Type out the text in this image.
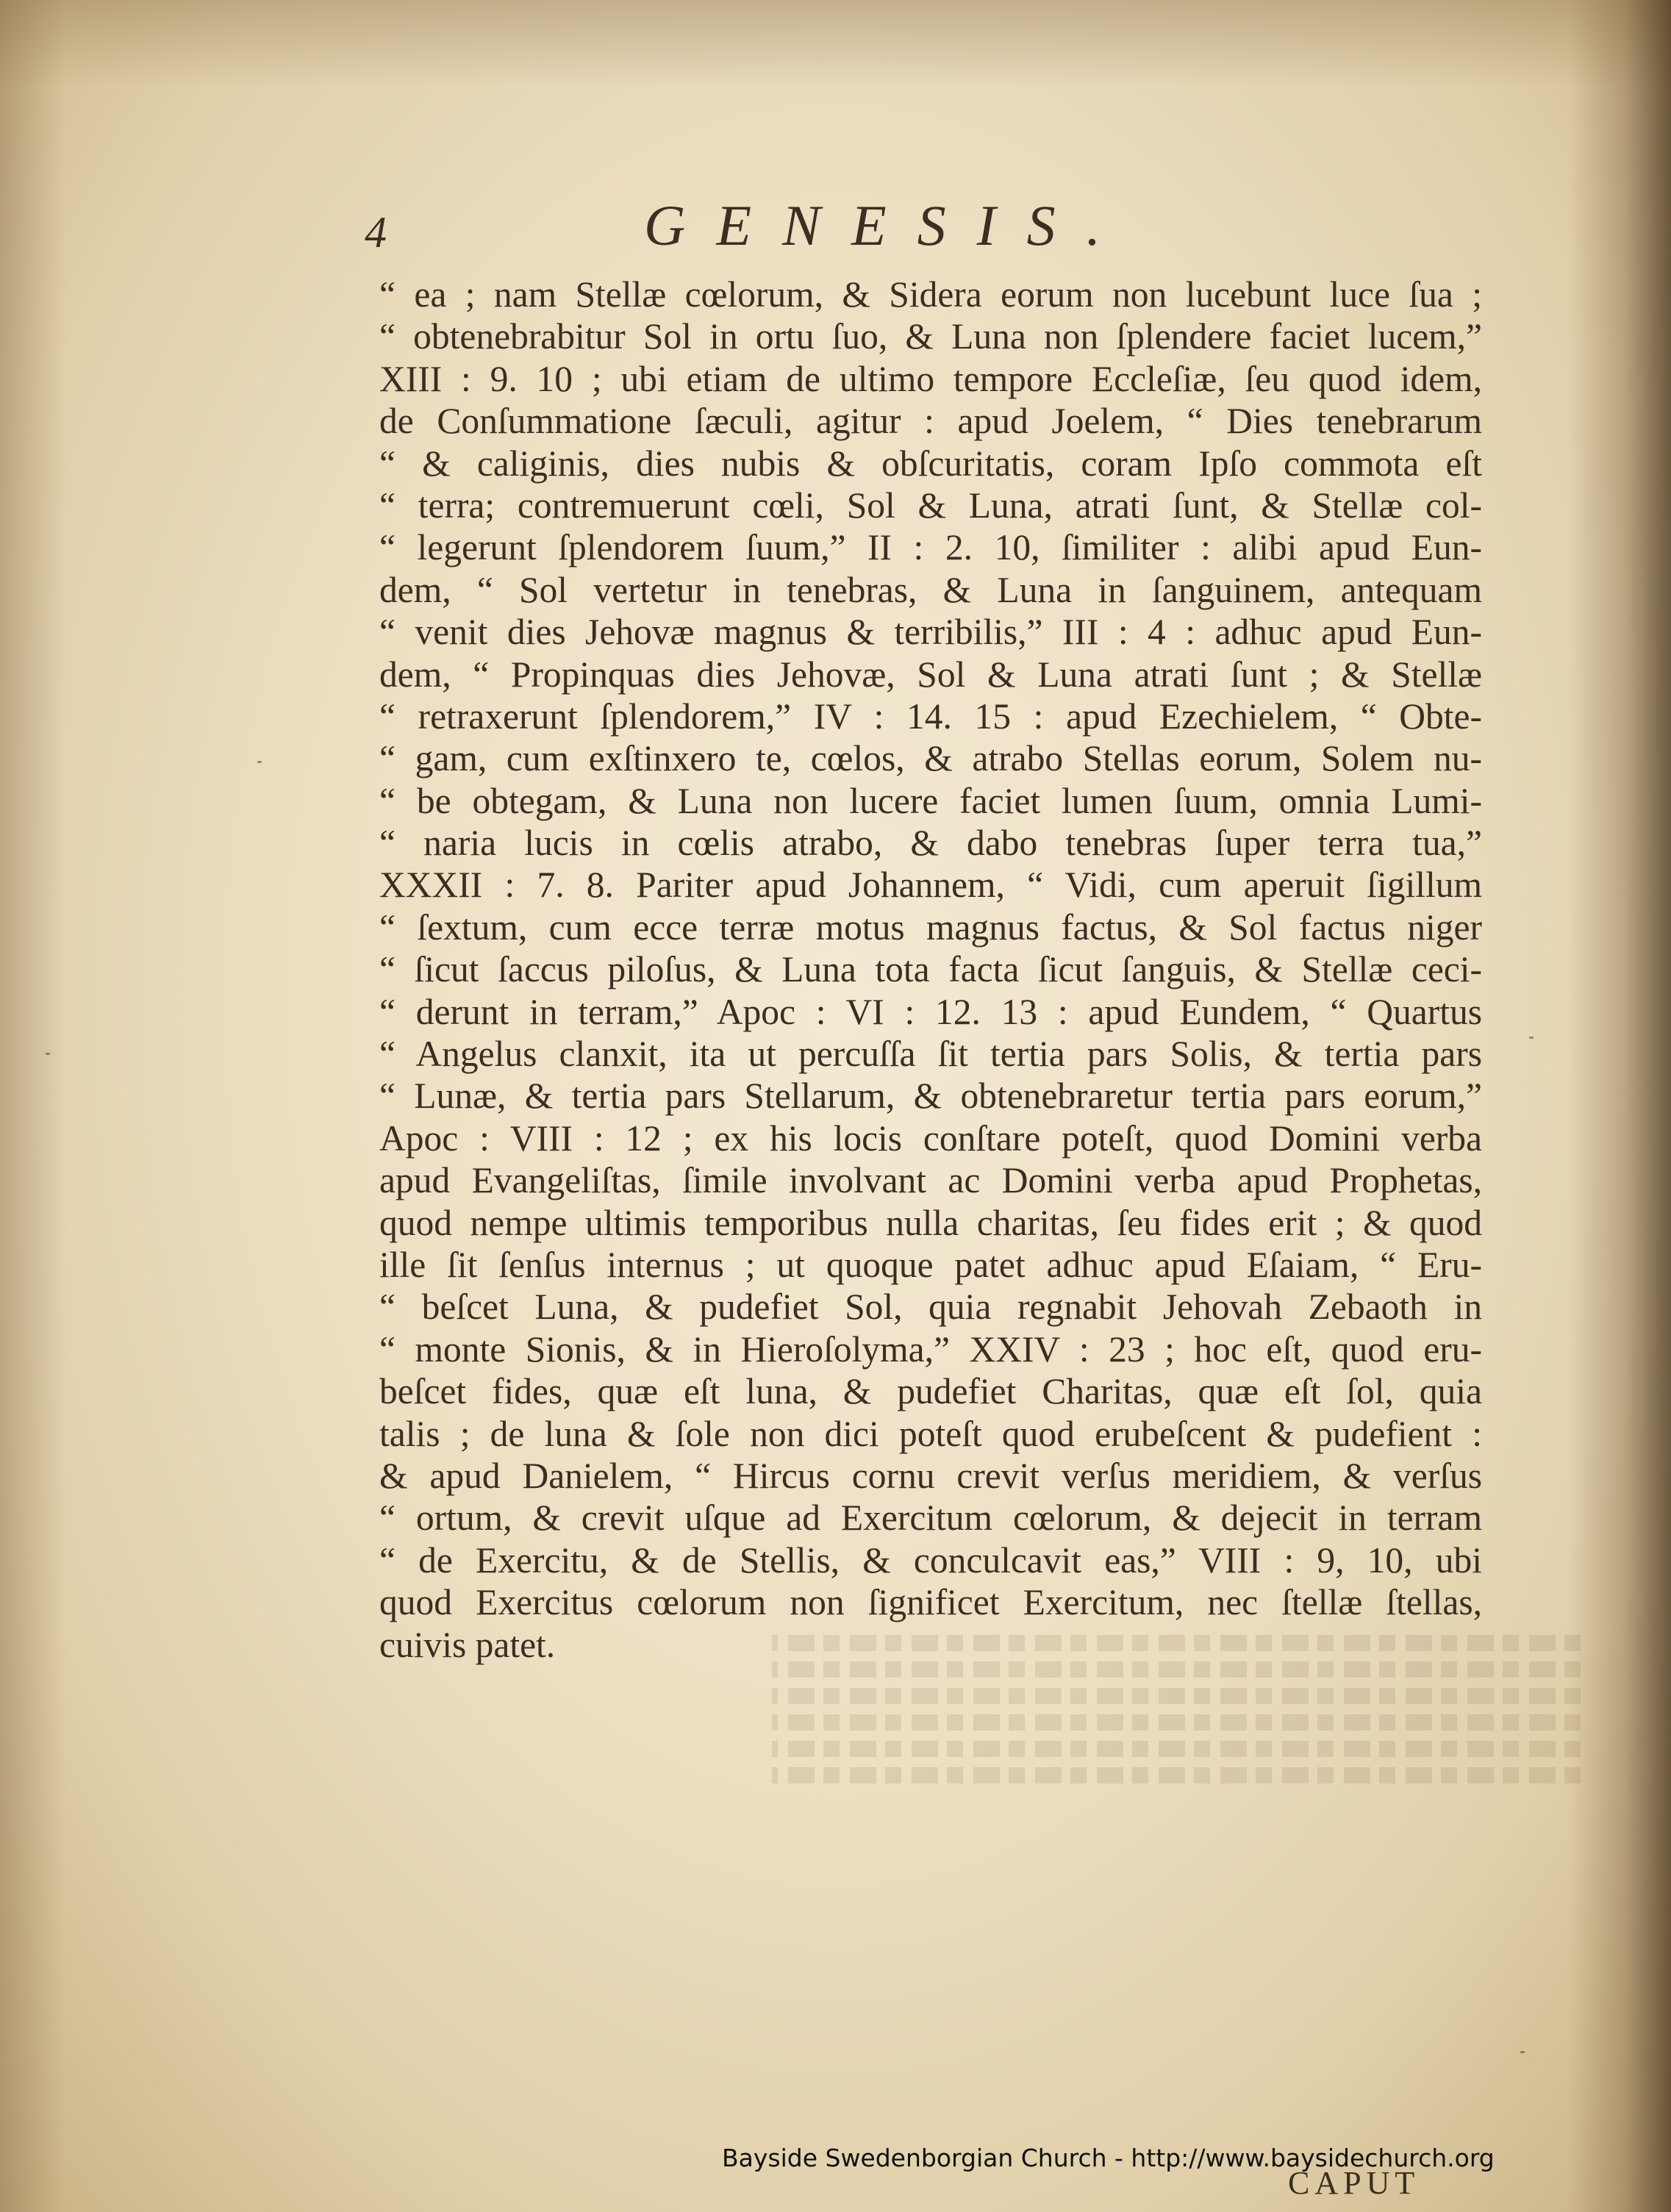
4	GENESIS.
“ ea ; nam Stellæ cœlorum, & Sidera eorum non lucebunt luce ſua ;
“ obtenebrabitur Sol in ortu ſuo, & Luna non ſplendere faciet lucem,”
XIII : 9. 10 ; ubi etiam de ultimo tempore Eccleſiæ, ſeu quod idem,
de Conſummatione ſæculi, agitur : apud Joelem, “ Dies tenebrarum
“ & caliginis, dies nubis & obſcuritatis, coram Ipſo commota eſt
“ terra; contremuerunt cœli, Sol & Luna, atrati ſunt, & Stellæ col-
“ legerunt ſplendorem ſuum,” II : 2. 10, ſimiliter : alibi apud Eun-
dem, “ Sol vertetur in tenebras, & Luna in ſanguinem, antequam
“ venit dies Jehovæ magnus & terribilis,” III : 4 : adhuc apud Eun-
dem, “ Propinquas dies Jehovæ, Sol & Luna atrati ſunt ; & Stellæ
“ retraxerunt ſplendorem,” IV : 14. 15 : apud Ezechielem, “ Obte-
“ gam, cum exſtinxero te, cœlos, & atrabo Stellas eorum, Solem nu-
“ be obtegam, & Luna non lucere faciet lumen ſuum, omnia Lumi-
“ naria lucis in cœlis atrabo, & dabo tenebras ſuper terra tua,”
XXXII : 7. 8. Pariter apud Johannem, “ Vidi, cum aperuit ſigillum
“ ſextum, cum ecce terræ motus magnus factus, & Sol factus niger
“ ſicut ſaccus piloſus, & Luna tota facta ſicut ſanguis, & Stellæ ceci-
“ derunt in terram,” Apoc : VI : 12. 13 : apud Eundem, “ Quartus
“ Angelus clanxit, ita ut percuſſa ſit tertia pars Solis, & tertia pars
“ Lunæ, & tertia pars Stellarum, & obtenebraretur tertia pars eorum,”
Apoc : VIII : 12 ; ex his locis conſtare poteſt, quod Domini verba
apud Evangeliſtas, ſimile involvant ac Domini verba apud Prophetas,
quod nempe ultimis temporibus nulla charitas, ſeu fides erit ; & quod
ille ſit ſenſus internus ; ut quoque patet adhuc apud Eſaiam, “ Eru-
“ beſcet Luna, & pudefiet Sol, quia regnabit Jehovah Zebaoth in
“ monte Sionis, & in Hieroſolyma,” XXIV : 23 ; hoc eſt, quod eru-
beſcet fides, quæ eſt luna, & pudefiet Charitas, quæ eſt ſol, quia
talis ; de luna & ſole non dici poteſt quod erubeſcent & pudefient :
& apud Danielem, “ Hircus cornu crevit verſus meridiem, & verſus
“ ortum, & crevit uſque ad Exercitum cœlorum, & dejecit in terram
“ de Exercitu, & de Stellis, & conculcavit eas,” VIII : 9, 10, ubi
quod Exercitus cœlorum non ſignificet Exercitum, nec ſtellæ ſtellas,
cuivis patet.
CAPUT
Bayside Swedenborgian Church - http://www.baysidechurch.org
